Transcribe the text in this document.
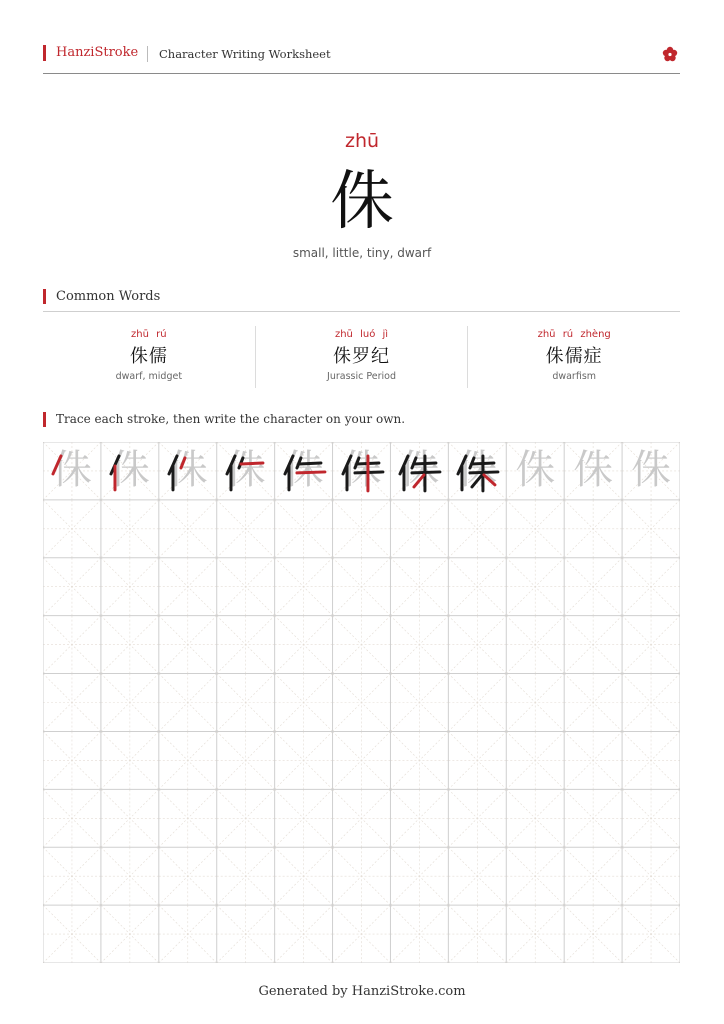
HanziStroke Character Writing Worksheet
zhū
侏
small, little, tiny, dwarf
Common Words
zhū rú
侏儒
dwarf, midget
zhū luó jì
侏罗纪
Jurassic Period
zhū rú zhèng
侏儒症
dwarfism
Trace each stroke, then write the character on your own.
侏 侏 侏 侏 侏 侏 侏 侏 侏 侏 侏
Generated by HanziStroke.com
